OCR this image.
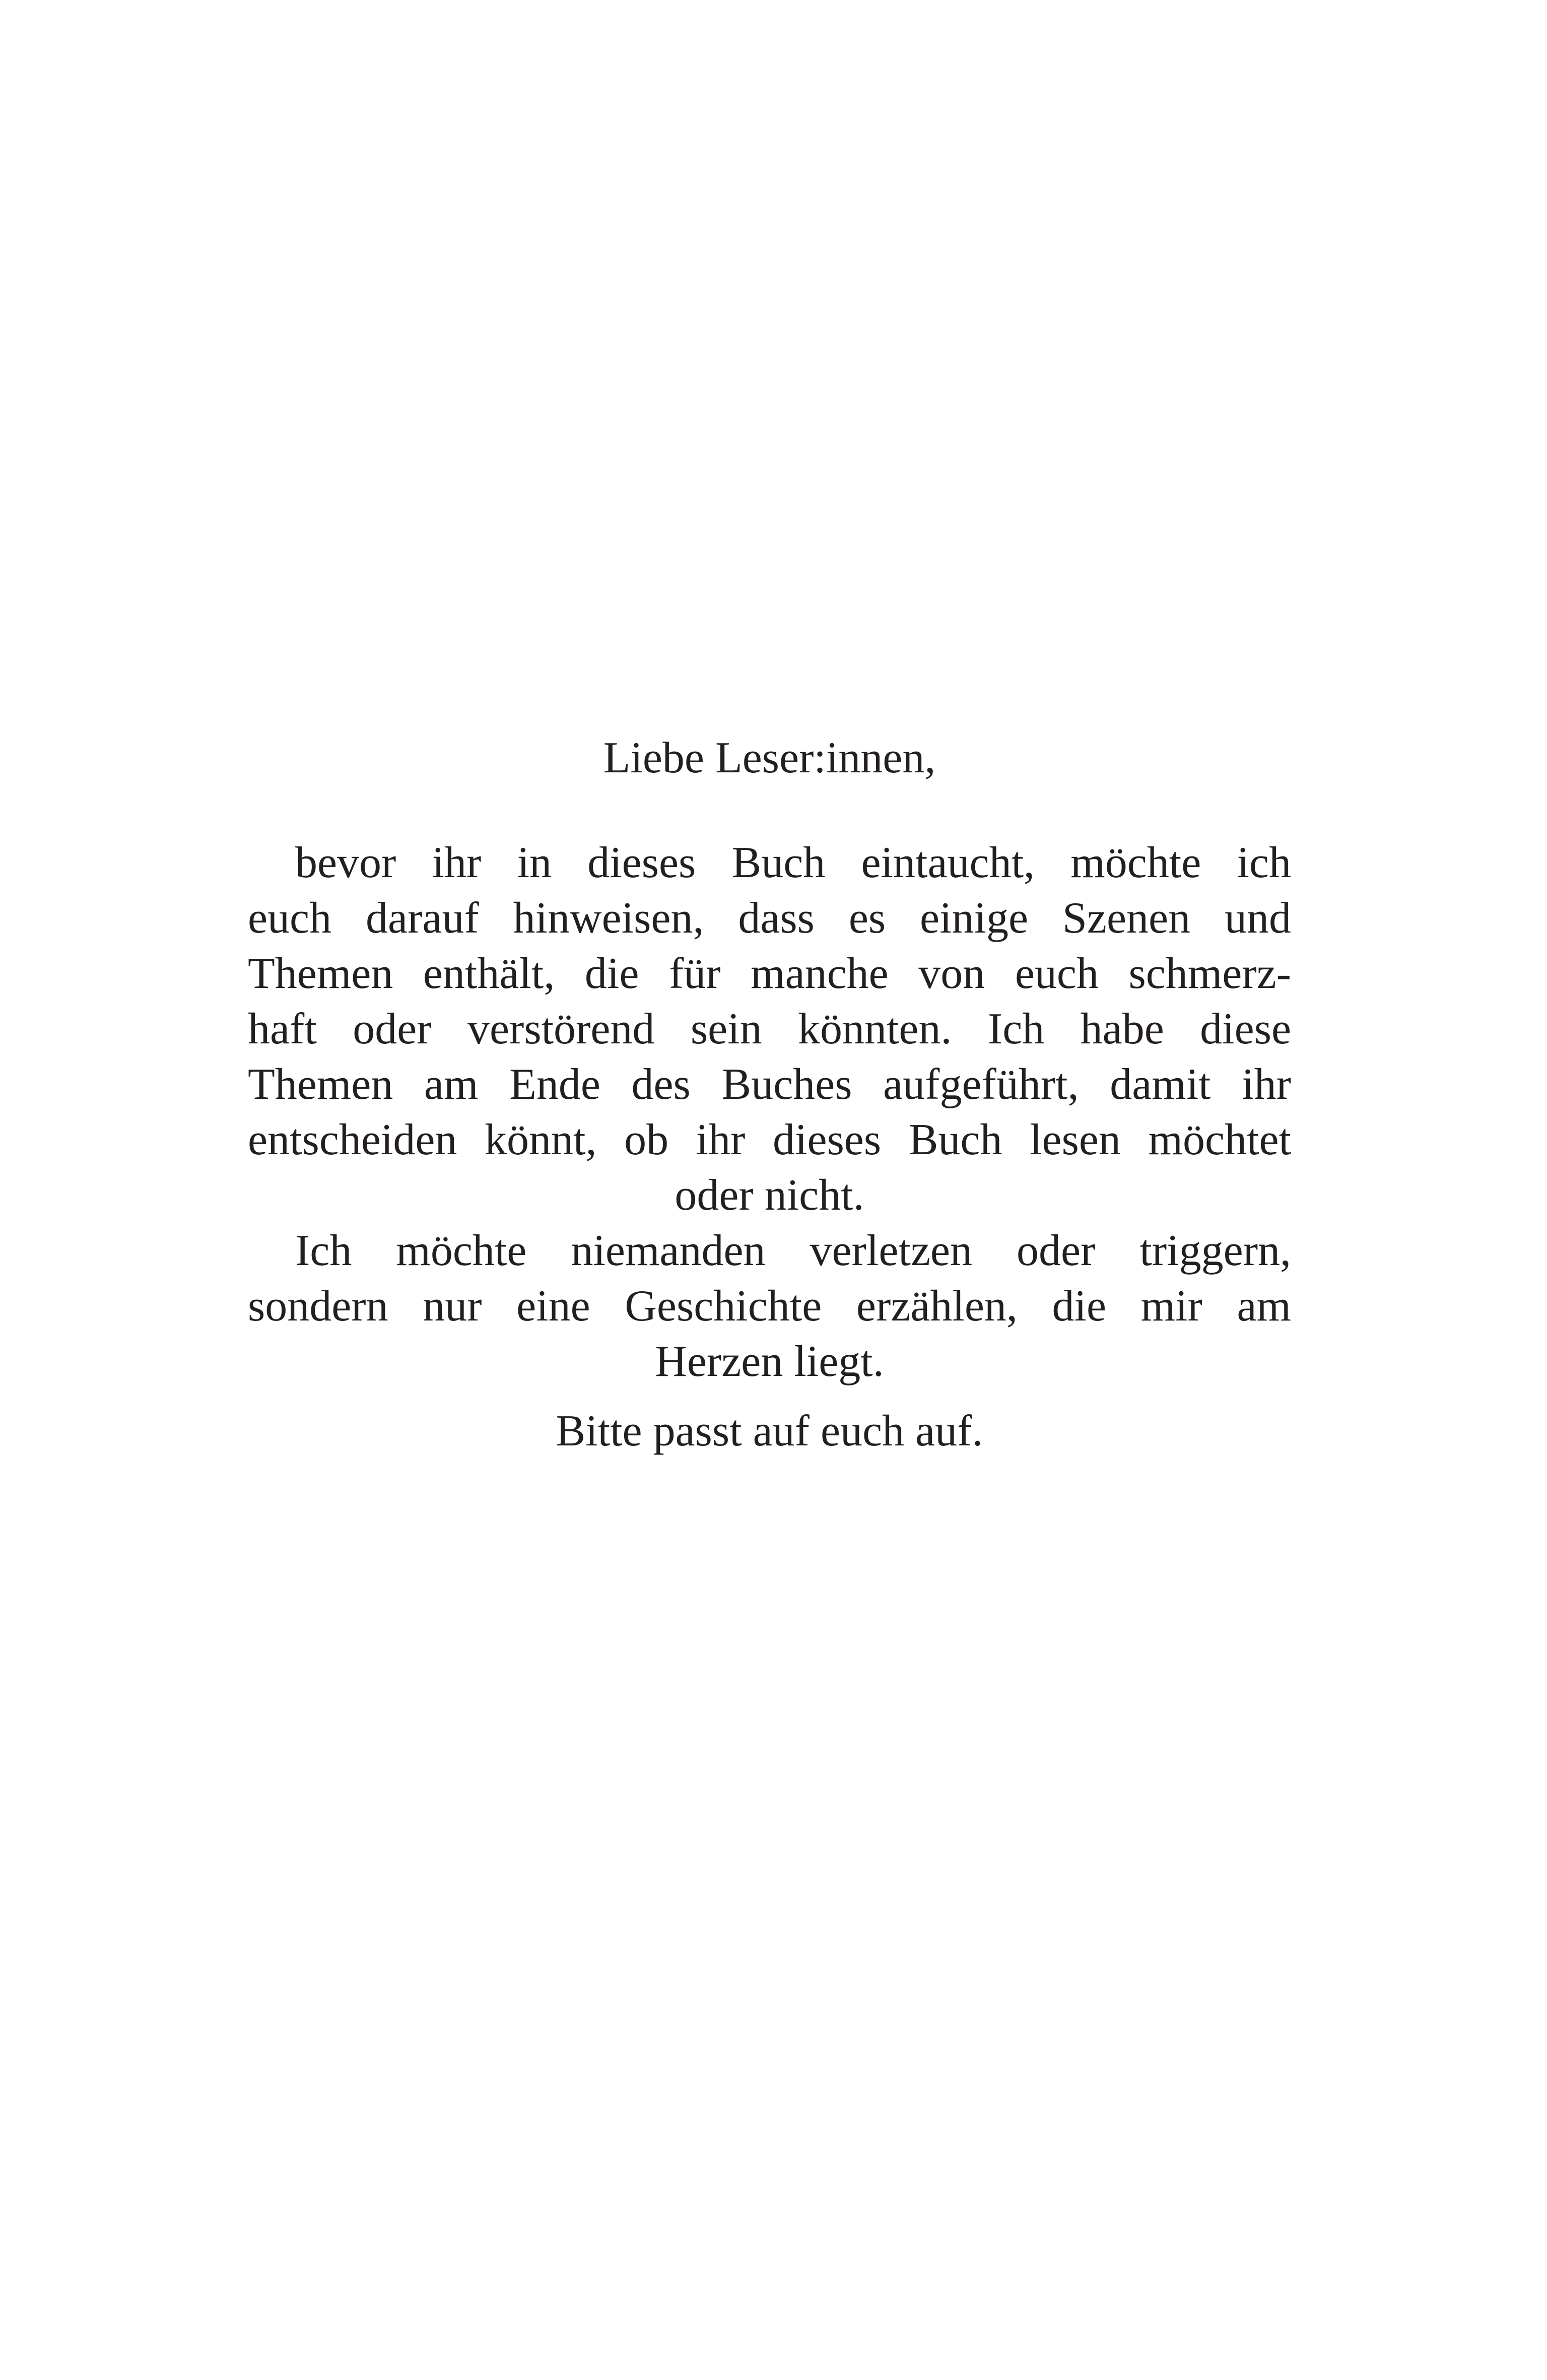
Liebe Leser:innen,
bevor ihr in dieses Buch eintaucht, möchte ich
euch darauf hinweisen, dass es einige Szenen und
Themen enthält, die für manche von euch schmerz-
haft oder verstörend sein könnten. Ich habe diese
Themen am Ende des Buches aufgeführt, damit ihr
entscheiden könnt, ob ihr dieses Buch lesen möchtet
oder nicht.
Ich möchte niemanden verletzen oder triggern,
sondern nur eine Geschichte erzählen, die mir am
Herzen liegt.
Bitte passt auf euch auf.
